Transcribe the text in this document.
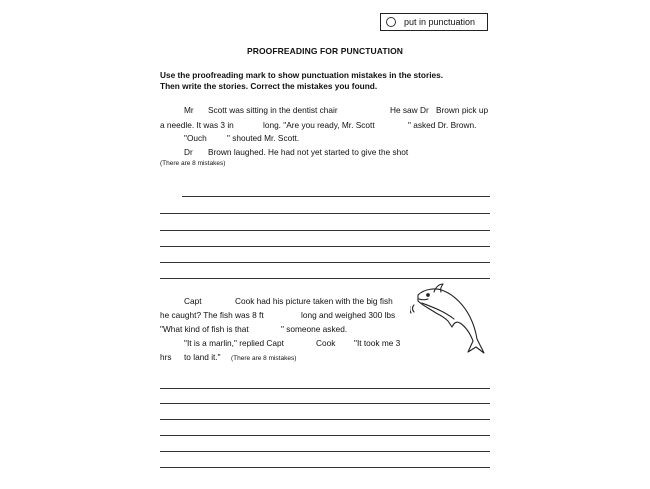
put in punctuation
PROOFREADING FOR PUNCTUATION
Use the proofreading mark to show punctuation mistakes in the stories.
Then write the stories. Correct the mistakes you found.
Mr Scott was sitting in the dentist chair	He saw Dr Brown pick up
a needle. It was 3 in	long. "Are you ready, Mr. Scott	" asked Dr. Brown.
"Ouch " shouted Mr. Scott.
Dr Brown laughed. He had not yet started to give the shot
(There are 8 mistakes)
Capt	Cook had his picture taken with the big fish
he caught? The fish was 8 ft	long and weighed 300 lbs
"What kind of fish is that	" someone asked.
"It is a marlin," replied Capt	Cook "It took me 3
hrs to land it." (There are 8 mistakes)
